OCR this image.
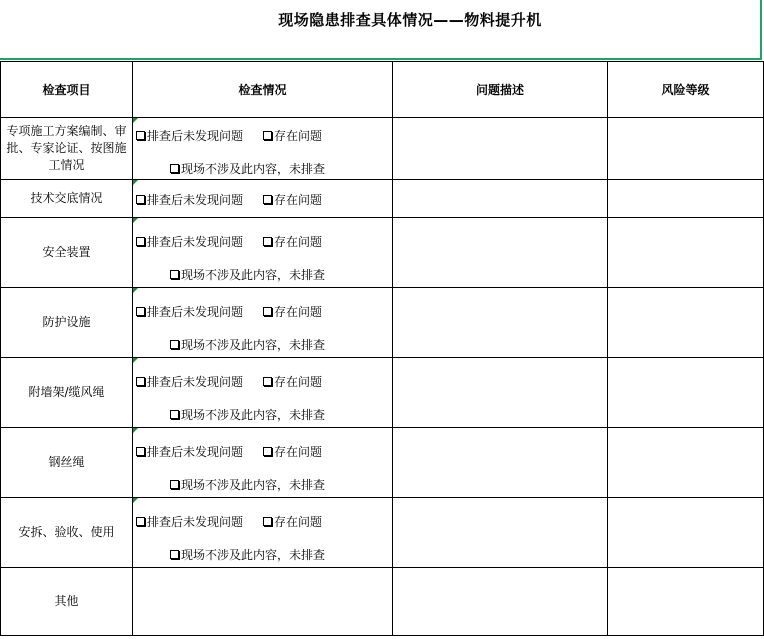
现场隐患排查具体情况——物料提升机
检查项目	检查情况	问题描述	风险等级
专项施工方案编制、审批、专家论证、按图施工情况	排查后未发现问题 存在问题
现场不涉及此内容，未排查		

技术交底情况	排查后未发现问题 存在问题		

安全装置	排查后未发现问题 存在问题
现场不涉及此内容，未排查		

防护设施	排查后未发现问题 存在问题
现场不涉及此内容，未排查		

附墙架/缆风绳	排查后未发现问题 存在问题
现场不涉及此内容，未排查		

钢丝绳	排查后未发现问题 存在问题
现场不涉及此内容，未排查		

安拆、验收、使用	排查后未发现问题 存在问题
现场不涉及此内容，未排查		

其他			
